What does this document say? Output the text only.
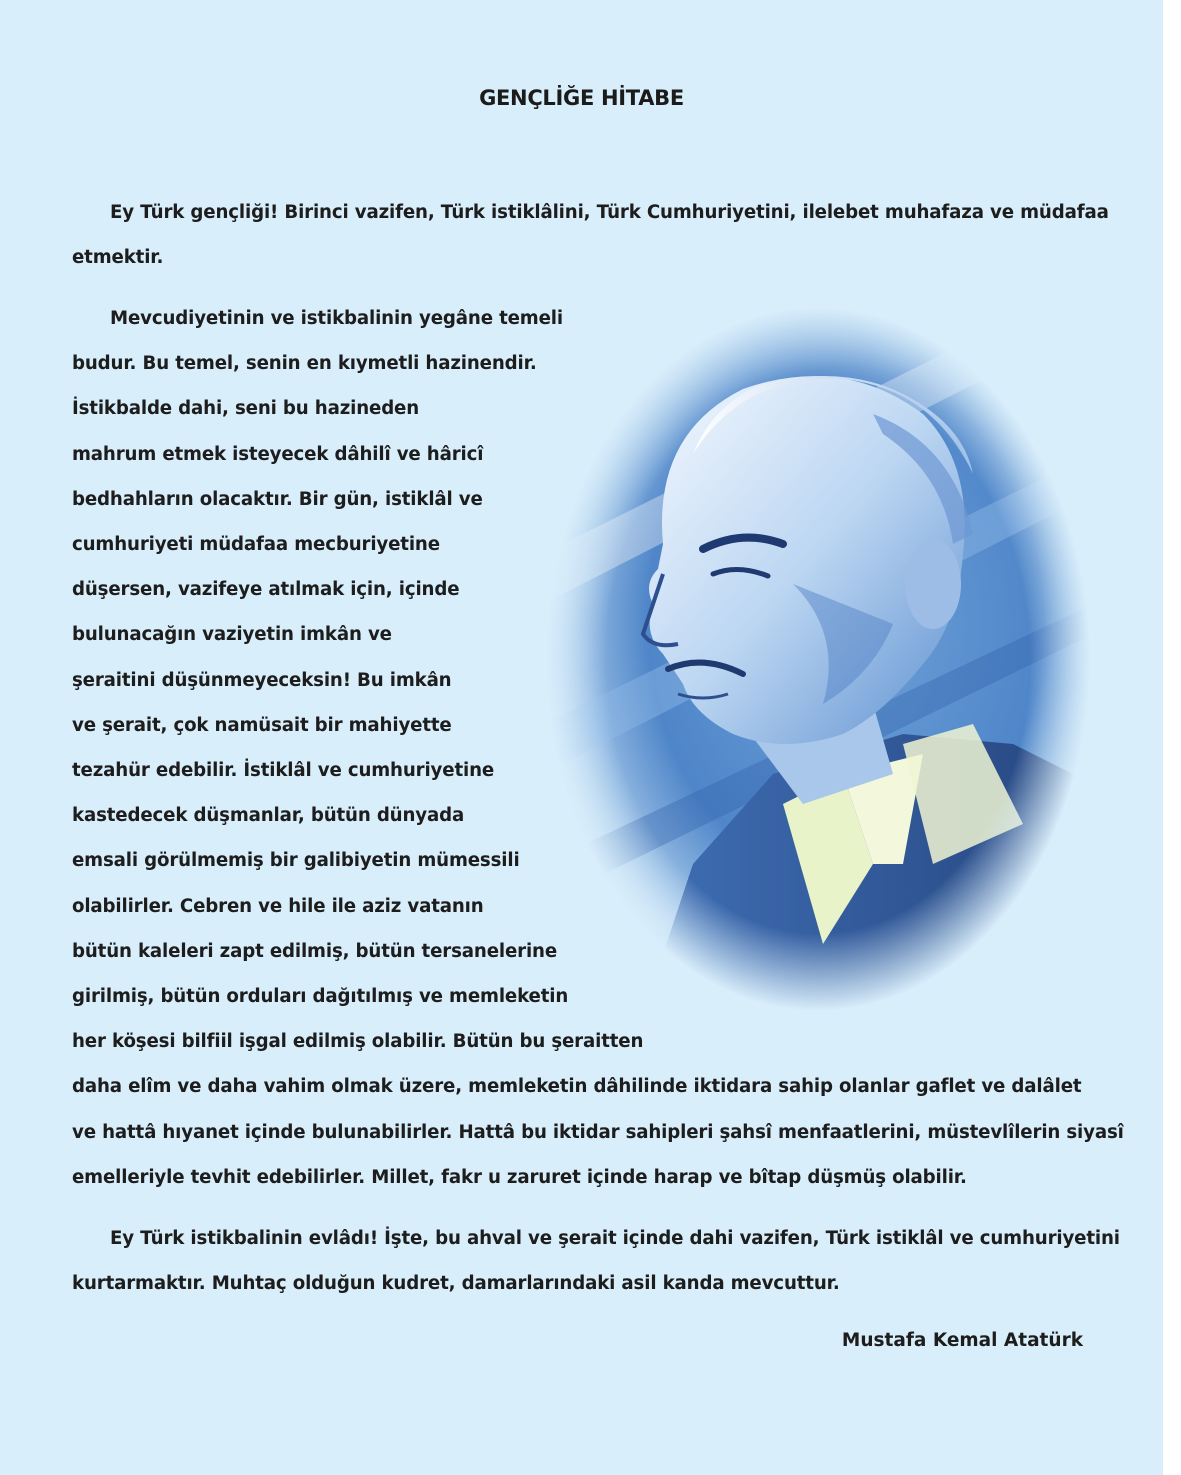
GENÇLİĞE HİTABE

Ey Türk gençliği! Birinci vazifen, Türk istiklâlini, Türk Cumhuriyetini, ilelebet muhafaza ve müdafaa
etmektir.

Mevcudiyetinin ve istikbalinin yegâne temeli
budur. Bu temel, senin en kıymetli hazinendir.
İstikbalde dahi, seni bu hazineden
mahrum etmek isteyecek dâhilî ve hâricî
bedhahların olacaktır. Bir gün, istiklâl ve
cumhuriyeti müdafaa mecburiyetine
düşersen, vazifeye atılmak için, içinde
bulunacağın vaziyetin imkân ve
şeraitini düşünmeyeceksin! Bu imkân
ve şerait, çok namüsait bir mahiyette
tezahür edebilir. İstiklâl ve cumhuriyetine
kastedecek düşmanlar, bütün dünyada
emsali görülmemiş bir galibiyetin mümessili
olabilirler. Cebren ve hile ile aziz vatanın
bütün kaleleri zapt edilmiş, bütün tersanelerine
girilmiş, bütün orduları dağıtılmış ve memleketin
her köşesi bilfiil işgal edilmiş olabilir. Bütün bu şeraitten
daha elîm ve daha vahim olmak üzere, memleketin dâhilinde iktidara sahip olanlar gaflet ve dalâlet
ve hattâ hıyanet içinde bulunabilirler. Hattâ bu iktidar sahipleri şahsî menfaatlerini, müstevlîlerin siyasî
emelleriyle tevhit edebilirler. Millet, fakr u zaruret içinde harap ve bîtap düşmüş olabilir.

Ey Türk istikbalinin evlâdı! İşte, bu ahval ve şerait içinde dahi vazifen, Türk istiklâl ve cumhuriyetini
kurtarmaktır. Muhtaç olduğun kudret, damarlarındaki asil kanda mevcuttur.

Mustafa Kemal Atatürk
